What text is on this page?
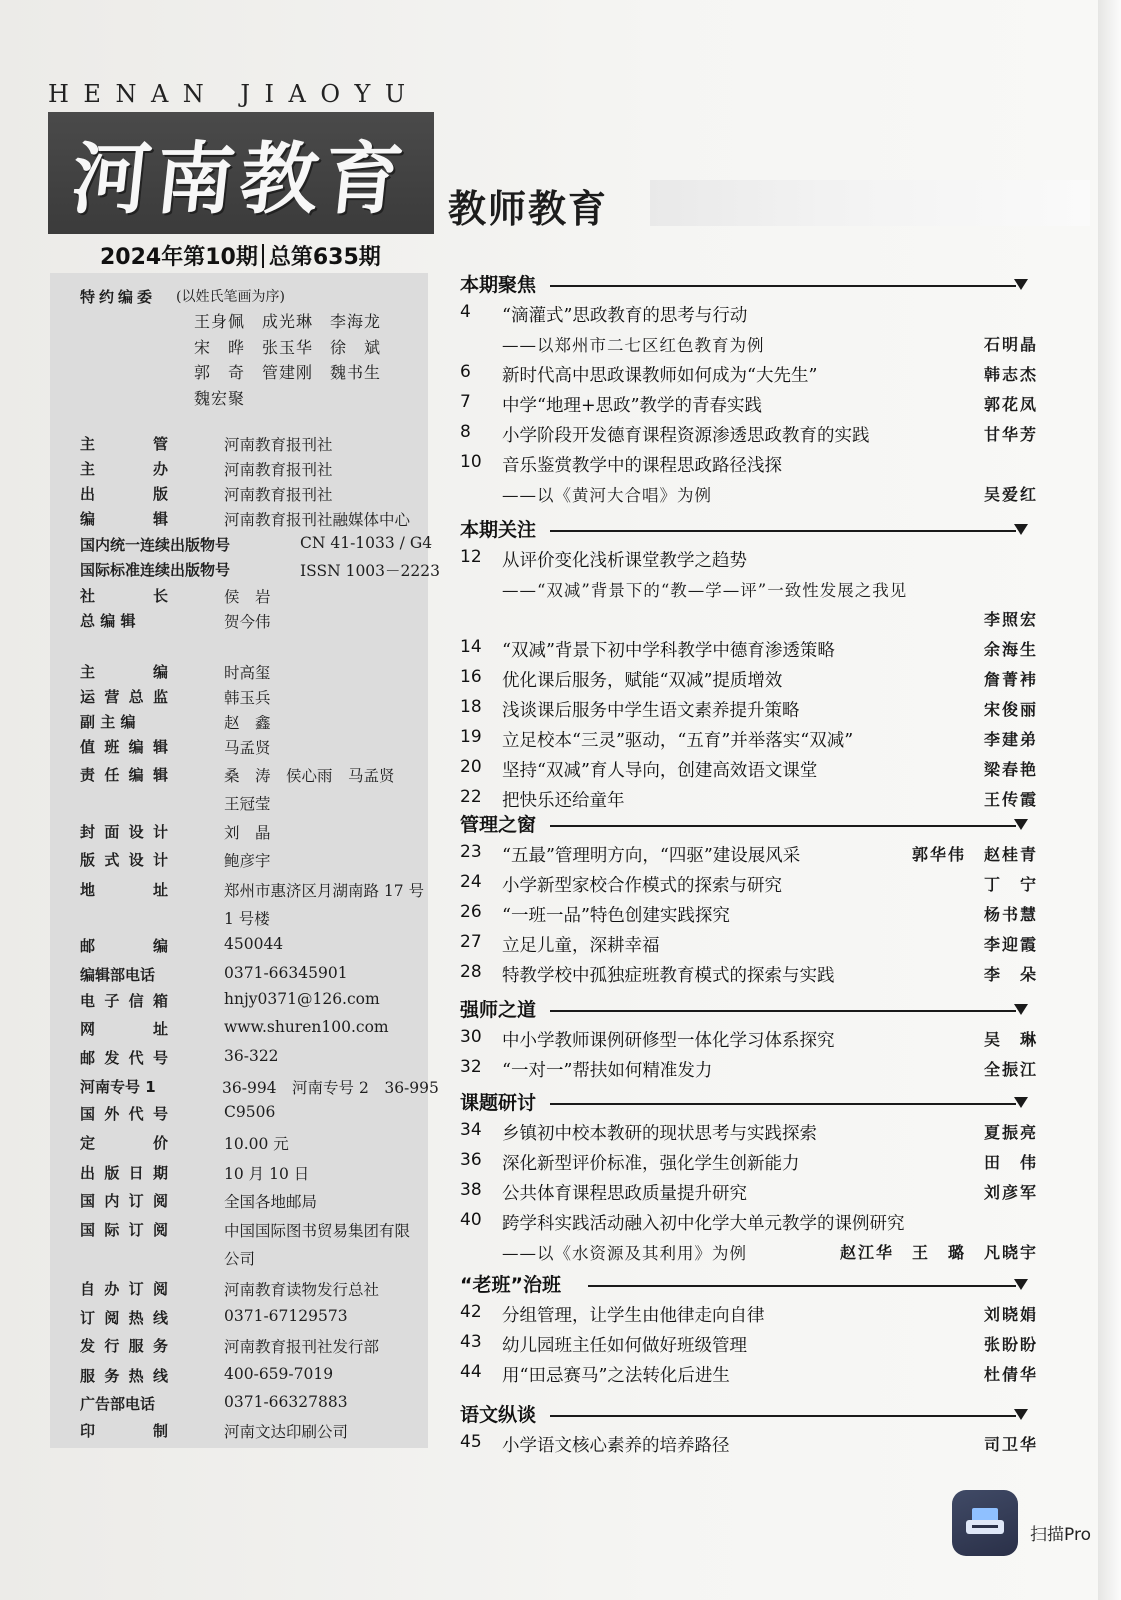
HENAN JIAOYU
河南教育
2024年第10期 总第635期
教师教育
特约编委	(以姓氏笔画为序)
王身佩　成光琳　李海龙
宋　晔　张玉华　徐　斌
郭　奇　管建刚　魏书生
魏宏聚
主　　管	河南教育报刊社
主　　办	河南教育报刊社
出　　版	河南教育报刊社
编　　辑	河南教育报刊社融媒体中心
国内统一连续出版物号	CN 41-1033 / G4
国际标准连续出版物号	ISSN 1003－2223
社　　长	侯　岩
总 编 辑	贺今伟
主　　编	时高玺
运营总监	韩玉兵
副 主 编	赵　鑫
值班编辑	马孟贤
责任编辑	桑　涛　侯心雨　马孟贤
王冠莹
封面设计	刘　晶
版式设计	鲍彦宇
地　　址	郑州市惠济区月湖南路 17 号
1 号楼
邮　　编	450044
编辑部电话	0371-66345901
电子信箱	hnjy0371@126.com
网　　址	www.shuren100.com
邮发代号	36-322
河南专号 1	36-994　河南专号 2　36-995
国外代号	C9506
定　　价	10.00 元
出版日期	10 月 10 日
国内订阅	全国各地邮局
国际订阅	中国国际图书贸易集团有限
公司
自办订阅	河南教育读物发行总社
订阅热线	0371-67129573
发行服务	河南教育报刊社发行部
服务热线	400-659-7019
广告部电话	0371-66327883
印　　制	河南文达印刷公司
本期聚焦
4	“滴灌式”思政教育的思考与行动
——以郑州市二七区红色教育为例	石明晶
6	新时代高中思政课教师如何成为“大先生”	韩志杰
7	中学“地理+思政”教学的青春实践	郭花凤
8	小学阶段开发德育课程资源渗透思政教育的实践	甘华芳
10	音乐鉴赏教学中的课程思政路径浅探
——以《黄河大合唱》为例	吴爱红
本期关注
12	从评价变化浅析课堂教学之趋势
——“双减”背景下的“教—学—评”一致性发展之我见
李照宏
14	“双减”背景下初中学科教学中德育渗透策略	余海生
16	优化课后服务，赋能“双减”提质增效	詹菁袆
18	浅谈课后服务中学生语文素养提升策略	宋俊丽
19	立足校本“三灵”驱动，“五育”并举落实“双减”	李建弟
20	坚持“双减”育人导向，创建高效语文课堂	梁春艳
22	把快乐还给童年	王传霞
管理之窗
23	“五最”管理明方向，“四驱”建设展风采	郭华伟　赵桂青
24	小学新型家校合作模式的探索与研究	丁　宁
26	“一班一品”特色创建实践探究	杨书慧
27	立足儿童，深耕幸福	李迎霞
28	特教学校中孤独症班教育模式的探索与实践	李　朵
强师之道
30	中小学教师课例研修型一体化学习体系探究	吴　琳
32	“一对一”帮扶如何精准发力	全振江
课题研讨
34	乡镇初中校本教研的现状思考与实践探索	夏振亮
36	深化新型评价标准，强化学生创新能力	田　伟
38	公共体育课程思政质量提升研究	刘彦军
40	跨学科实践活动融入初中化学大单元教学的课例研究
——以《水资源及其利用》为例	赵江华　王　璐　凡晓宇
“老班”治班
42	分组管理，让学生由他律走向自律	刘晓娟
43	幼儿园班主任如何做好班级管理	张盼盼
44	用“田忌赛马”之法转化后进生	杜倩华
语文纵谈
45	小学语文核心素养的培养路径	司卫华
扫描Pro
